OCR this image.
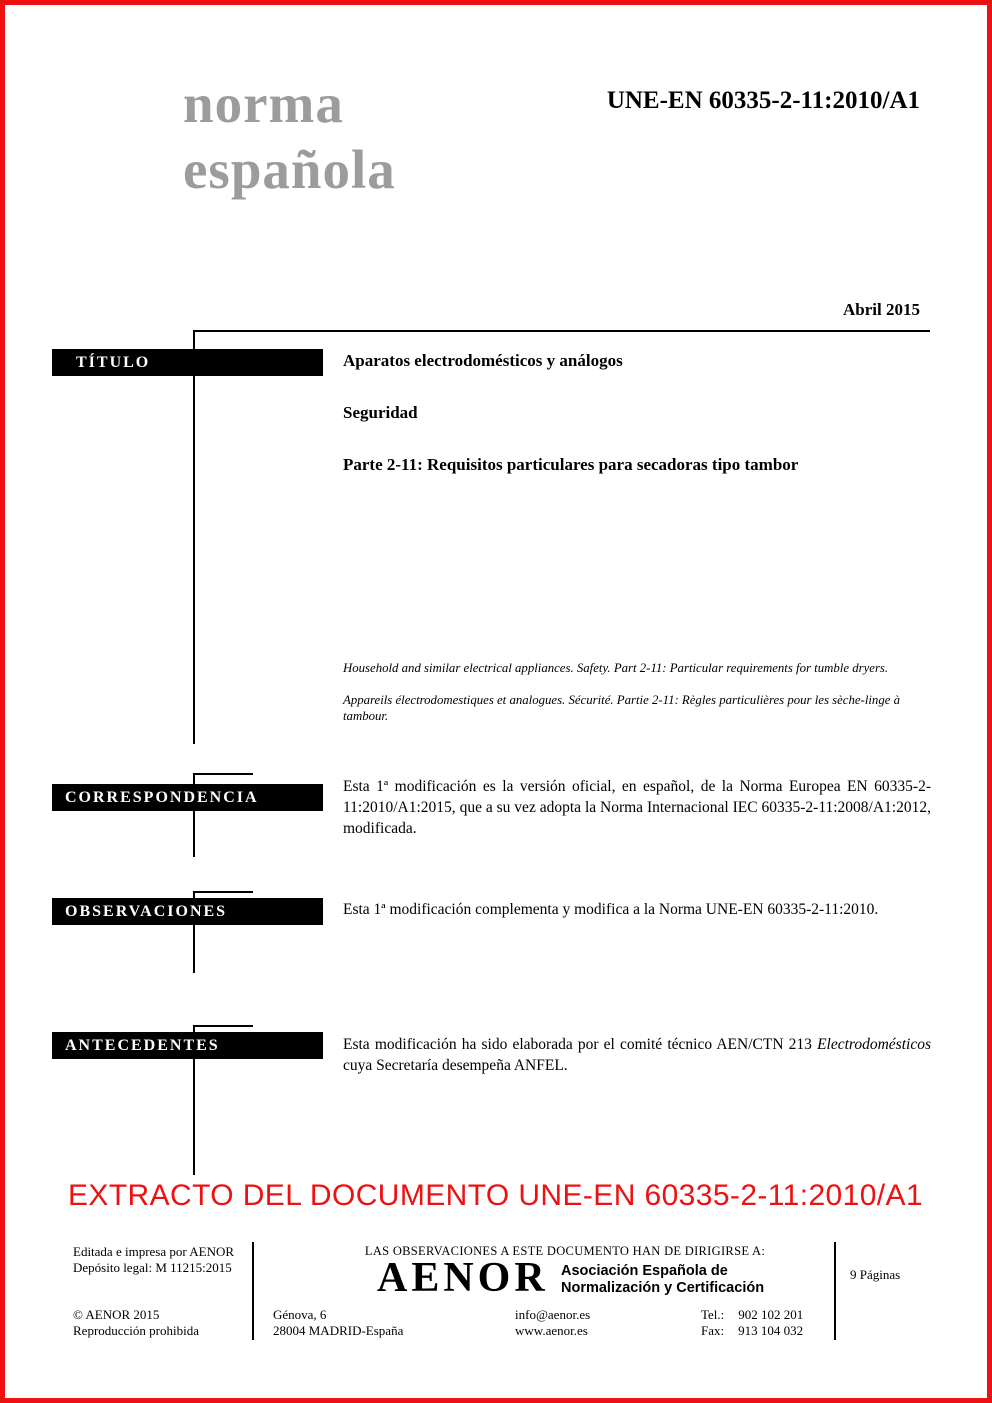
norma
española
UNE-EN 60335-2-11:2010/A1
Abril 2015
TÍTULO
CORRESPONDENCIA
OBSERVACIONES
ANTECEDENTES
Aparatos electrodomésticos y análogos
Seguridad
Parte 2-11: Requisitos particulares para secadoras tipo tambor
Household and similar electrical appliances. Safety. Part 2-11: Particular requirements for tumble dryers.
Appareils électrodomestiques et analogues. Sécurité. Partie 2-11: Règles particulières pour les sèche-linge à tambour.
Esta 1ª modificación es la versión oficial, en español, de la Norma Europea EN 60335-2-11:2010/A1:2015, que a su vez adopta la Norma Internacional IEC 60335-2-11:2008/A1:2012, modificada.
Esta 1ª modificación complementa y modifica a la Norma UNE-EN 60335-2-11:2010.
Esta modificación ha sido elaborada por el comité técnico AEN/CTN 213 Electrodomésticos cuya Secretaría desempeña ANFEL.
EXTRACTO DEL DOCUMENTO UNE-EN 60335-2-11:2010/A1
Editada e impresa por AENOR
Depósito legal: M 11215:2015
© AENOR 2015
Reproducción prohibida
LAS OBSERVACIONES A ESTE DOCUMENTO HAN DE DIRIGIRSE A:
AENOR Asociación Española de
Normalización y Certificación
Génova, 6
28004 MADRID-España
info@aenor.es
www.aenor.es
Tel.: 902 102 201
Fax: 913 104 032
9 Páginas
